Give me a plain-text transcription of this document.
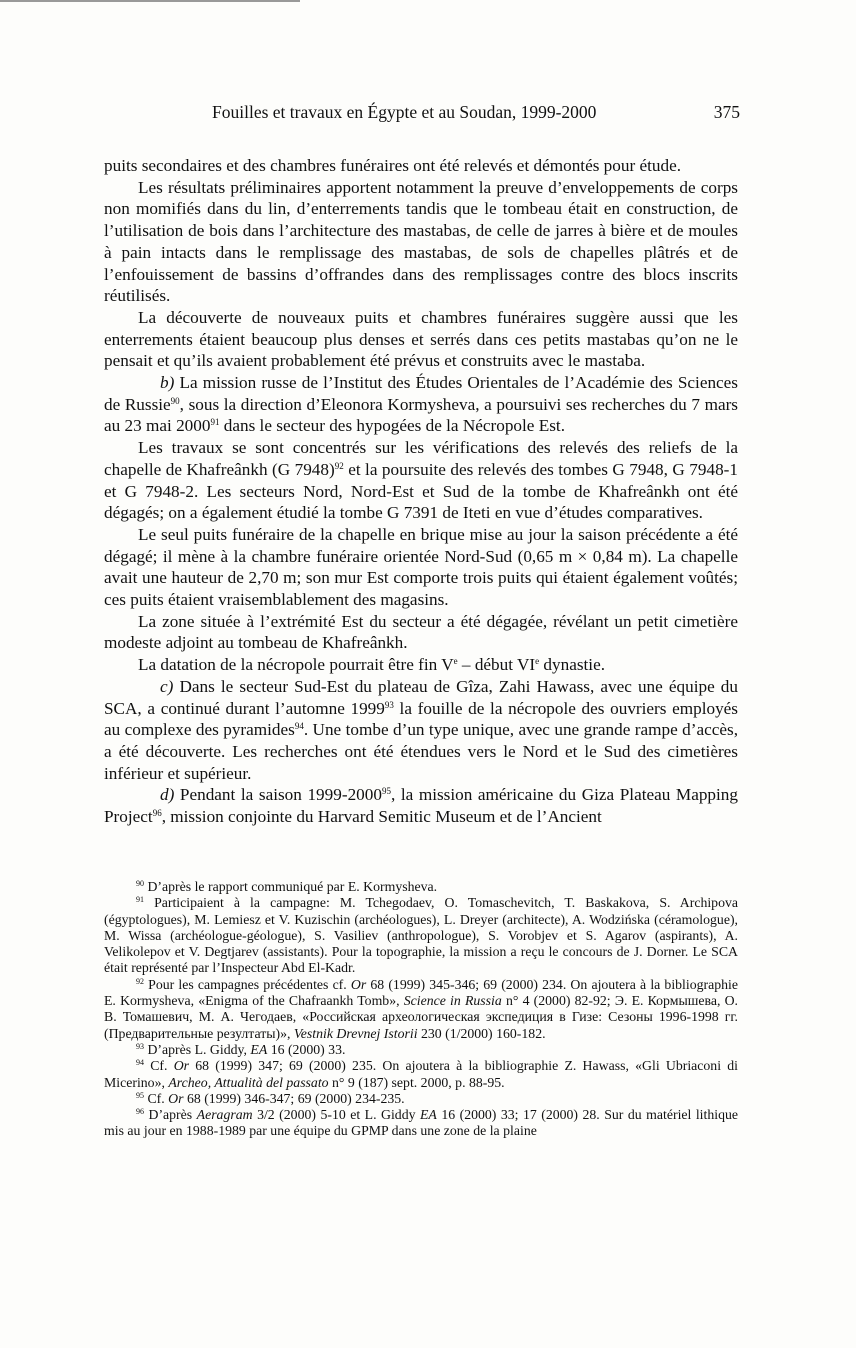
Fouilles et travaux en Égypte et au Soudan, 1999-2000	375

puits secondaires et des chambres funéraires ont été relevés et démontés pour étude.

Les résultats préliminaires apportent notamment la preuve d’enveloppements de corps non momifiés dans du lin, d’enterrements tandis que le tombeau était en construction, de l’utilisation de bois dans l’architecture des mastabas, de celle de jarres à bière et de moules à pain intacts dans le remplissage des mastabas, de sols de chapelles plâtrés et de l’enfouissement de bassins d’offrandes dans des remplissages contre des blocs inscrits réutilisés.

La découverte de nouveaux puits et chambres funéraires suggère aussi que les enterrements étaient beaucoup plus denses et serrés dans ces petits mastabas qu’on ne le pensait et qu’ils avaient probablement été prévus et construits avec le mastaba.

b) La mission russe de l’Institut des Études Orientales de l’Académie des Sciences de Russie$^{90}$, sous la direction d’Eleonora Kormysheva, a poursuivi ses recherches du 7 mars au 23 mai 2000$^{91}$ dans le secteur des hypogées de la Nécropole Est.

Les travaux se sont concentrés sur les vérifications des relevés des reliefs de la chapelle de Khafreânkh (G 7948)$^{92}$ et la poursuite des relevés des tombes G 7948, G 7948-1 et G 7948-2. Les secteurs Nord, Nord-Est et Sud de la tombe de Khafreânkh ont été dégagés; on a également étudié la tombe G 7391 de Iteti en vue d’études comparatives.

Le seul puits funéraire de la chapelle en brique mise au jour la saison précédente a été dégagé; il mène à la chambre funéraire orientée Nord-Sud (0,65 m × 0,84 m). La chapelle avait une hauteur de 2,70 m; son mur Est comporte trois puits qui étaient également voûtés; ces puits étaient vraisemblablement des magasins.

La zone située à l’extrémité Est du secteur a été dégagée, révélant un petit cimetière modeste adjoint au tombeau de Khafreânkh.

La datation de la nécropole pourrait être fin Ve – début VIe dynastie.

c) Dans le secteur Sud-Est du plateau de Gîza, Zahi Hawass, avec une équipe du SCA, a continué durant l’automne 1999$^{93}$ la fouille de la nécropole des ouvriers employés au complexe des pyramides$^{94}$. Une tombe d’un type unique, avec une grande rampe d’accès, a été découverte. Les recherches ont été étendues vers le Nord et le Sud des cimetières inférieur et supérieur.

d) Pendant la saison 1999-2000$^{95}$, la mission américaine du Giza Plateau Mapping Project$^{96}$, mission conjointe du Harvard Semitic Museum et de l’Ancient

$^{90}$ D’après le rapport communiqué par E. Kormysheva.

$^{91}$ Participaient à la campagne: M. Tchegodaev, O. Tomaschevitch, T. Baskakova, S. Archipova (égyptologues), M. Lemiesz et V. Kuzischin (archéologues), L. Dreyer (architecte), A. Wodzińska (céramologue), M. Wissa (archéologue-géologue), S. Vasiliev (anthropologue), S. Vorobjev et S. Agarov (aspirants), A. Velikolepov et V. Degtjarev (assistants). Pour la topographie, la mission a reçu le concours de J. Dorner. Le SCA était représenté par l’Inspecteur Abd El-Kadr.

$^{92}$ Pour les campagnes précédentes cf. Or 68 (1999) 345-346; 69 (2000) 234. On ajoutera à la bibliographie E. Kormysheva, «Enigma of the Chafraankh Tomb», Science in Russia n° 4 (2000) 82-92; Э. Е. Кормышева, О. В. Томашевич, М. А. Чегодаев, «Российская археологическая экспедиция в Гизе: Сезоны 1996-1998 гг. (Предварительные резултаты)», Vestnik Drevnej Istorii 230 (1/2000) 160-182.

$^{93}$ D’après L. Giddy, EA 16 (2000) 33.

$^{94}$ Cf. Or 68 (1999) 347; 69 (2000) 235. On ajoutera à la bibliographie Z. Hawass, «Gli Ubriaconi di Micerino», Archeo, Attualità del passato n° 9 (187) sept. 2000, p. 88-95.

$^{95}$ Cf. Or 68 (1999) 346-347; 69 (2000) 234-235.

$^{96}$ D’après Aeragram 3/2 (2000) 5-10 et L. Giddy EA 16 (2000) 33; 17 (2000) 28. Sur du matériel lithique mis au jour en 1988-1989 par une équipe du GPMP dans une zone de la plaine
